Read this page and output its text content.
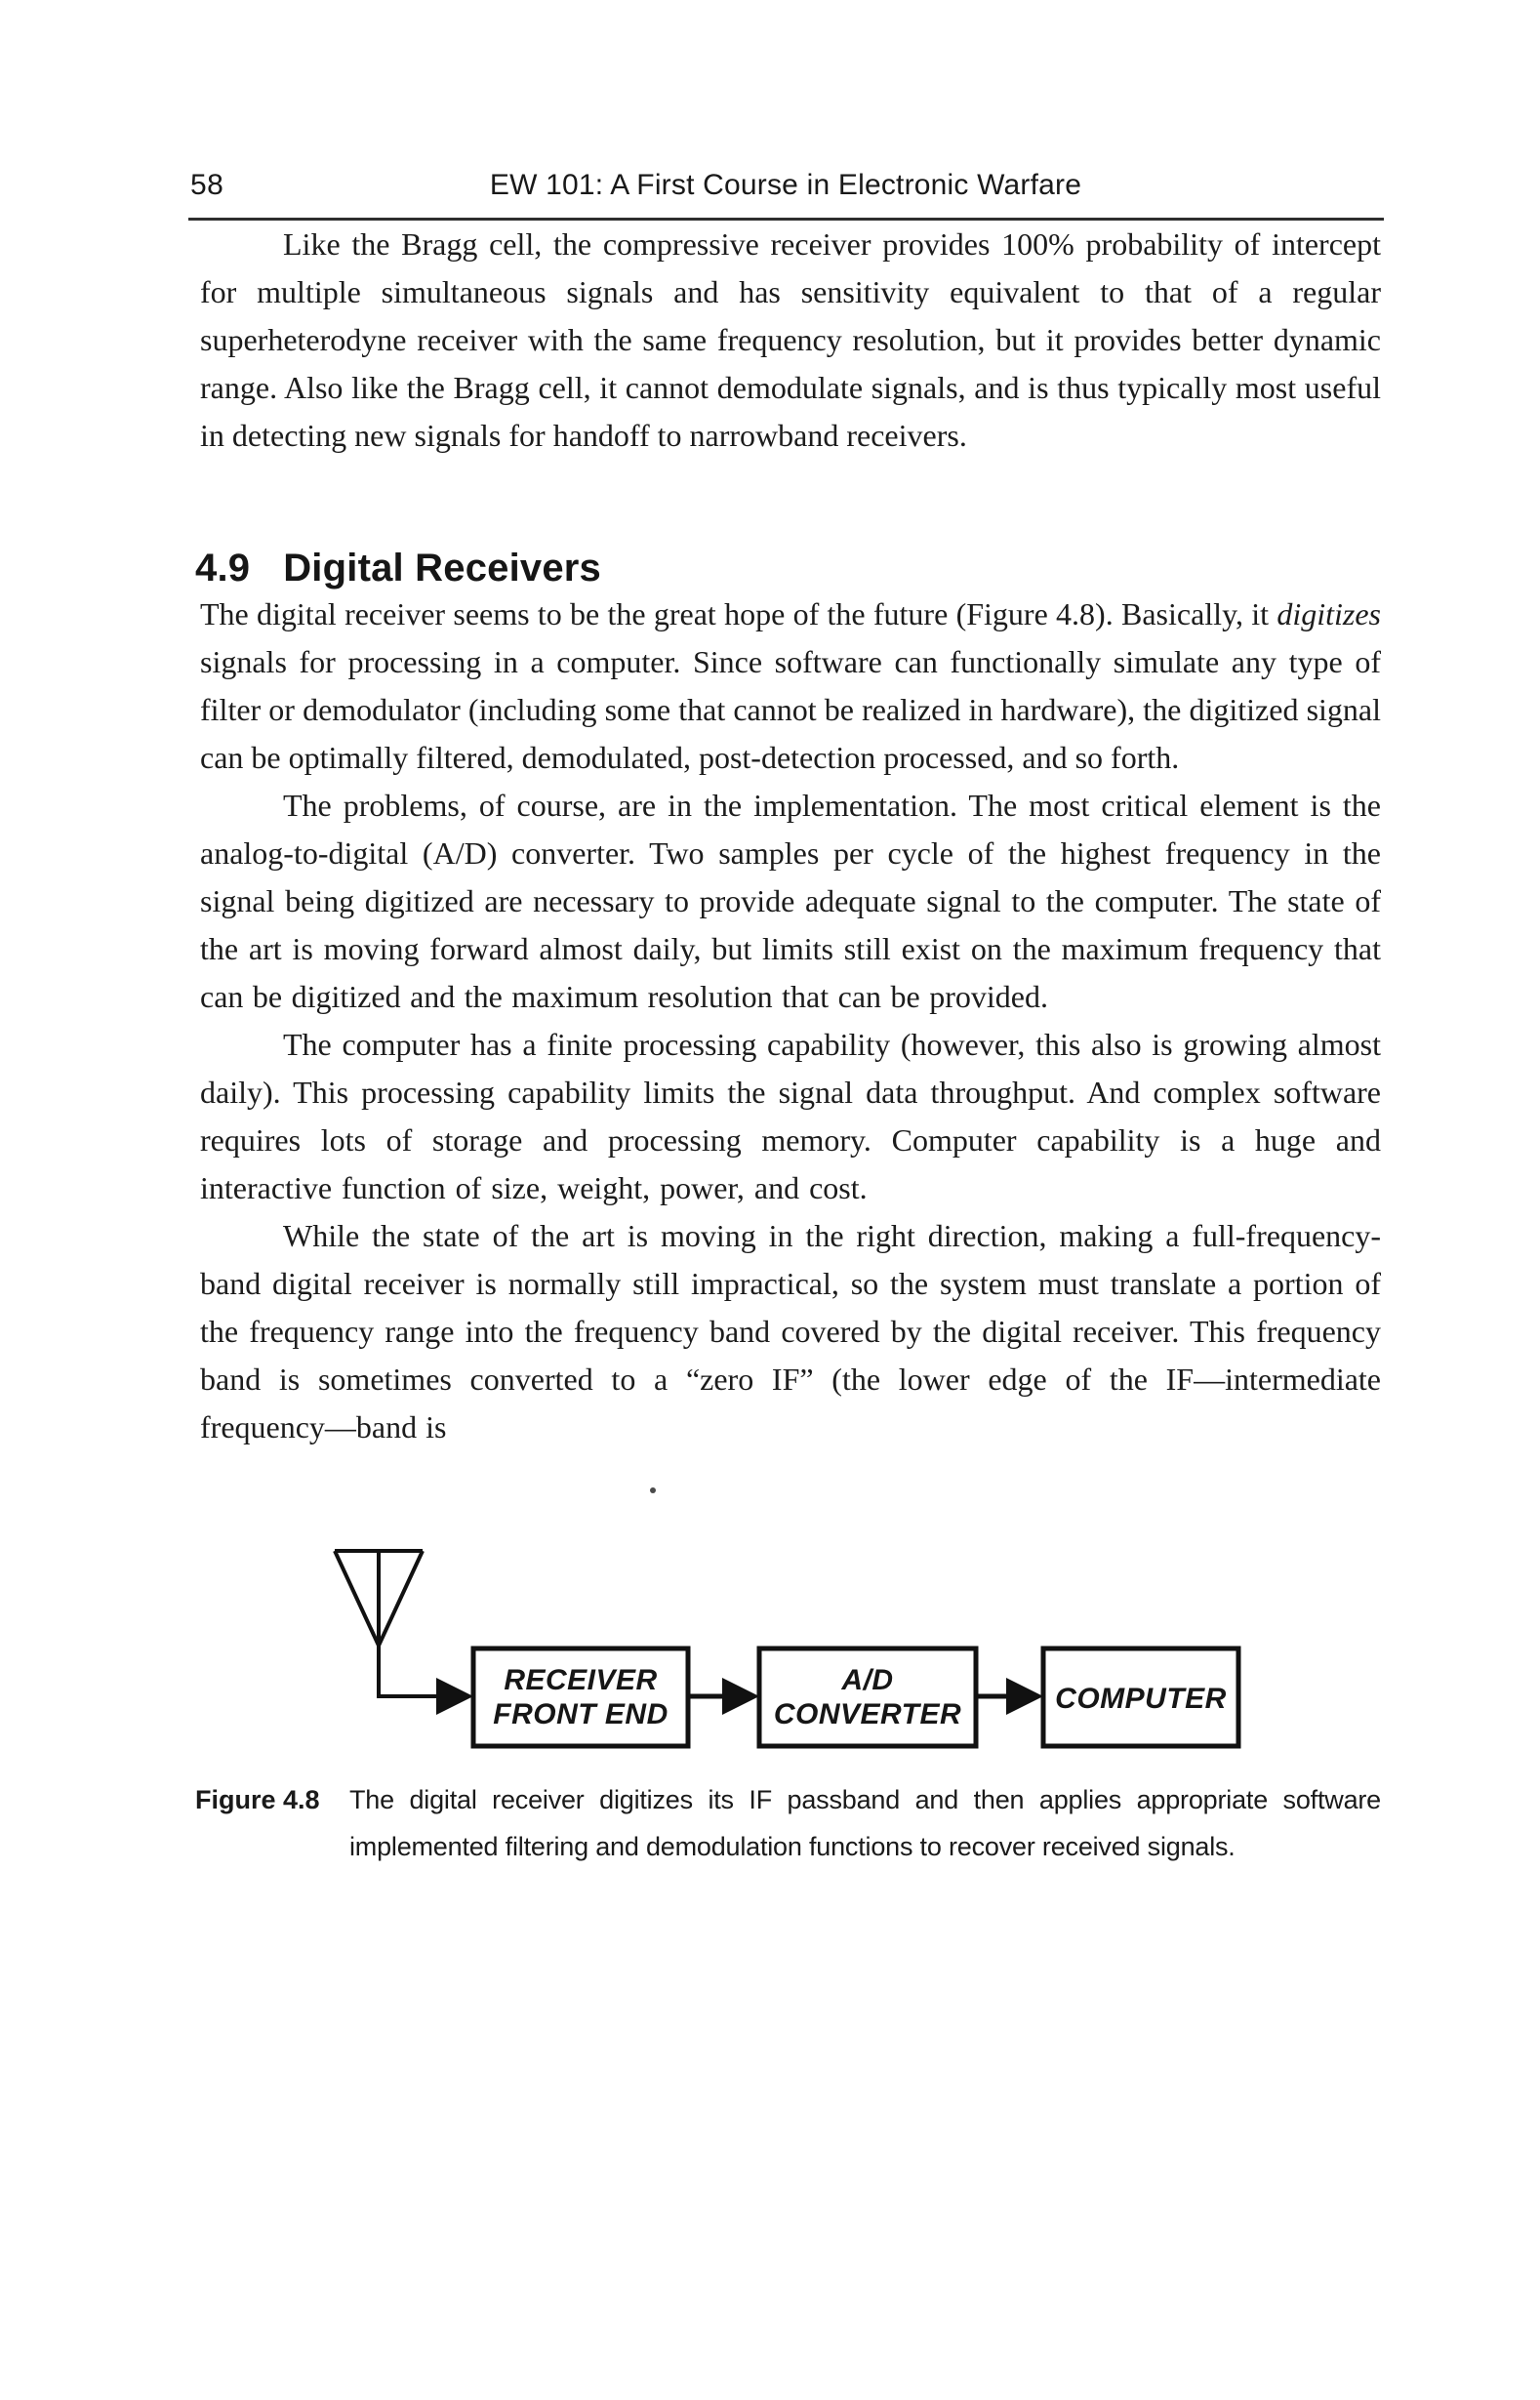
58	EW 101: A First Course in Electronic Warfare

Like the Bragg cell, the compressive receiver provides 100% probability of intercept for multiple simultaneous signals and has sensitivity equivalent to that of a regular superheterodyne receiver with the same frequency resolution, but it provides better dynamic range. Also like the Bragg cell, it cannot demodulate signals, and is thus typically most useful in detecting new signals for handoff to narrowband receivers.

4.9 Digital Receivers

The digital receiver seems to be the great hope of the future (Figure 4.8). Basically, it digitizes signals for processing in a computer. Since software can functionally simulate any type of filter or demodulator (including some that cannot be realized in hardware), the digitized signal can be optimally filtered, demodulated, post-detection processed, and so forth.

The problems, of course, are in the implementation. The most critical element is the analog-to-digital (A/D) converter. Two samples per cycle of the highest frequency in the signal being digitized are necessary to provide adequate signal to the computer. The state of the art is moving forward almost daily, but limits still exist on the maximum frequency that can be digitized and the maximum resolution that can be provided.

The computer has a finite processing capability (however, this also is growing almost daily). This processing capability limits the signal data throughput. And complex software requires lots of storage and processing memory. Computer capability is a huge and interactive function of size, weight, power, and cost.

While the state of the art is moving in the right direction, making a full-frequency-band digital receiver is normally still impractical, so the system must translate a portion of the frequency range into the frequency band covered by the digital receiver. This frequency band is sometimes converted to a “zero IF” (the lower edge of the IF—intermediate frequency—band is

RECEIVER
FRONT END
A/D
CONVERTER	COMPUTER
Figure 4.8	The digital receiver digitizes its IF passband and then applies appropriate software implemented filtering and demodulation functions to recover received signals.
